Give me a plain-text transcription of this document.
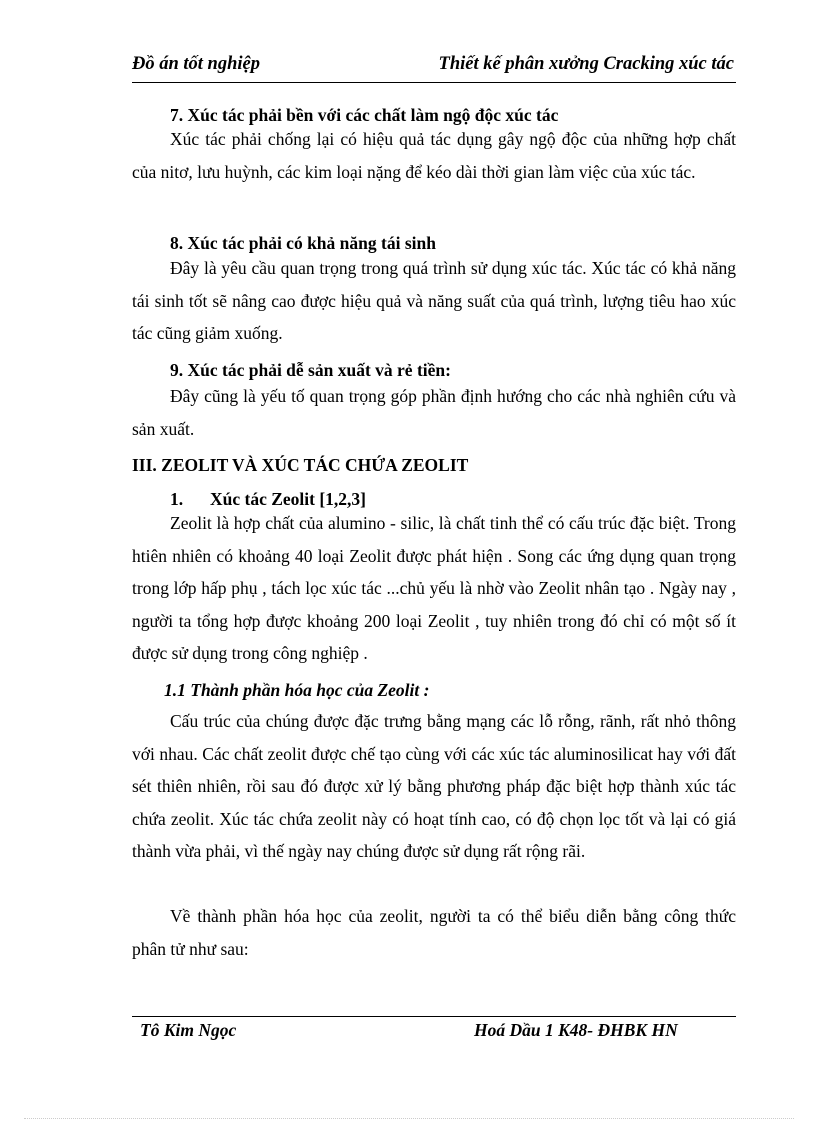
Đồ án tốt nghiệp	Thiết kế phân xưởng Cracking xúc tác
7. Xúc tác phải bền với các chất làm ngộ độc xúc tác
Xúc tác phải chống lại có hiệu quả tác dụng gây ngộ độc của những hợp chất của nitơ, lưu huỳnh, các kim loại nặng để kéo dài thời gian làm việc của xúc tác.
8. Xúc tác phải có khả năng tái sinh
Đây là yêu cầu quan trọng trong quá trình sử dụng xúc tác. Xúc tác có khả năng tái sinh tốt sẽ nâng cao được hiệu quả và năng suất của quá trình, lượng tiêu hao xúc tác cũng giảm xuống.
9. Xúc tác phải dễ sản xuất và rẻ tiền:
Đây cũng là yếu tố quan trọng góp phần định hướng cho các nhà nghiên cứu và sản xuất.
III. ZEOLIT VÀ XÚC TÁC CHỨA ZEOLIT
1. Xúc tác Zeolit [1,2,3]
Zeolit là hợp chất của alumino - silic, là chất tinh thể có cấu trúc đặc biệt. Trong htiên nhiên có khoảng 40 loại Zeolit được phát hiện . Song các ứng dụng quan trọng trong lớp hấp phụ , tách lọc xúc tác ...chủ yếu là nhờ vào Zeolit nhân tạo . Ngày nay , người ta tổng hợp được khoảng 200 loại Zeolit , tuy nhiên trong đó chỉ có một số ít được sử dụng trong công nghiệp .
1.1 Thành phần hóa học của Zeolit :
Cấu trúc của chúng được đặc trưng bằng mạng các lỗ rỗng, rãnh, rất nhỏ thông với nhau. Các chất zeolit được chế tạo cùng với các xúc tác aluminosilicat hay với đất sét thiên nhiên, rồi sau đó được xử lý bằng phương pháp đặc biệt hợp thành xúc tác chứa zeolit. Xúc tác chứa zeolit này có hoạt tính cao, có độ chọn lọc tốt và lại có giá thành vừa phải, vì thế ngày nay chúng được sử dụng rất rộng rãi.
Về thành phần hóa học của zeolit, người ta có thể biểu diễn bằng công thức phân tử như sau:
Tô Kim Ngọc	Hoá Dầu 1 K48- ĐHBK HN
